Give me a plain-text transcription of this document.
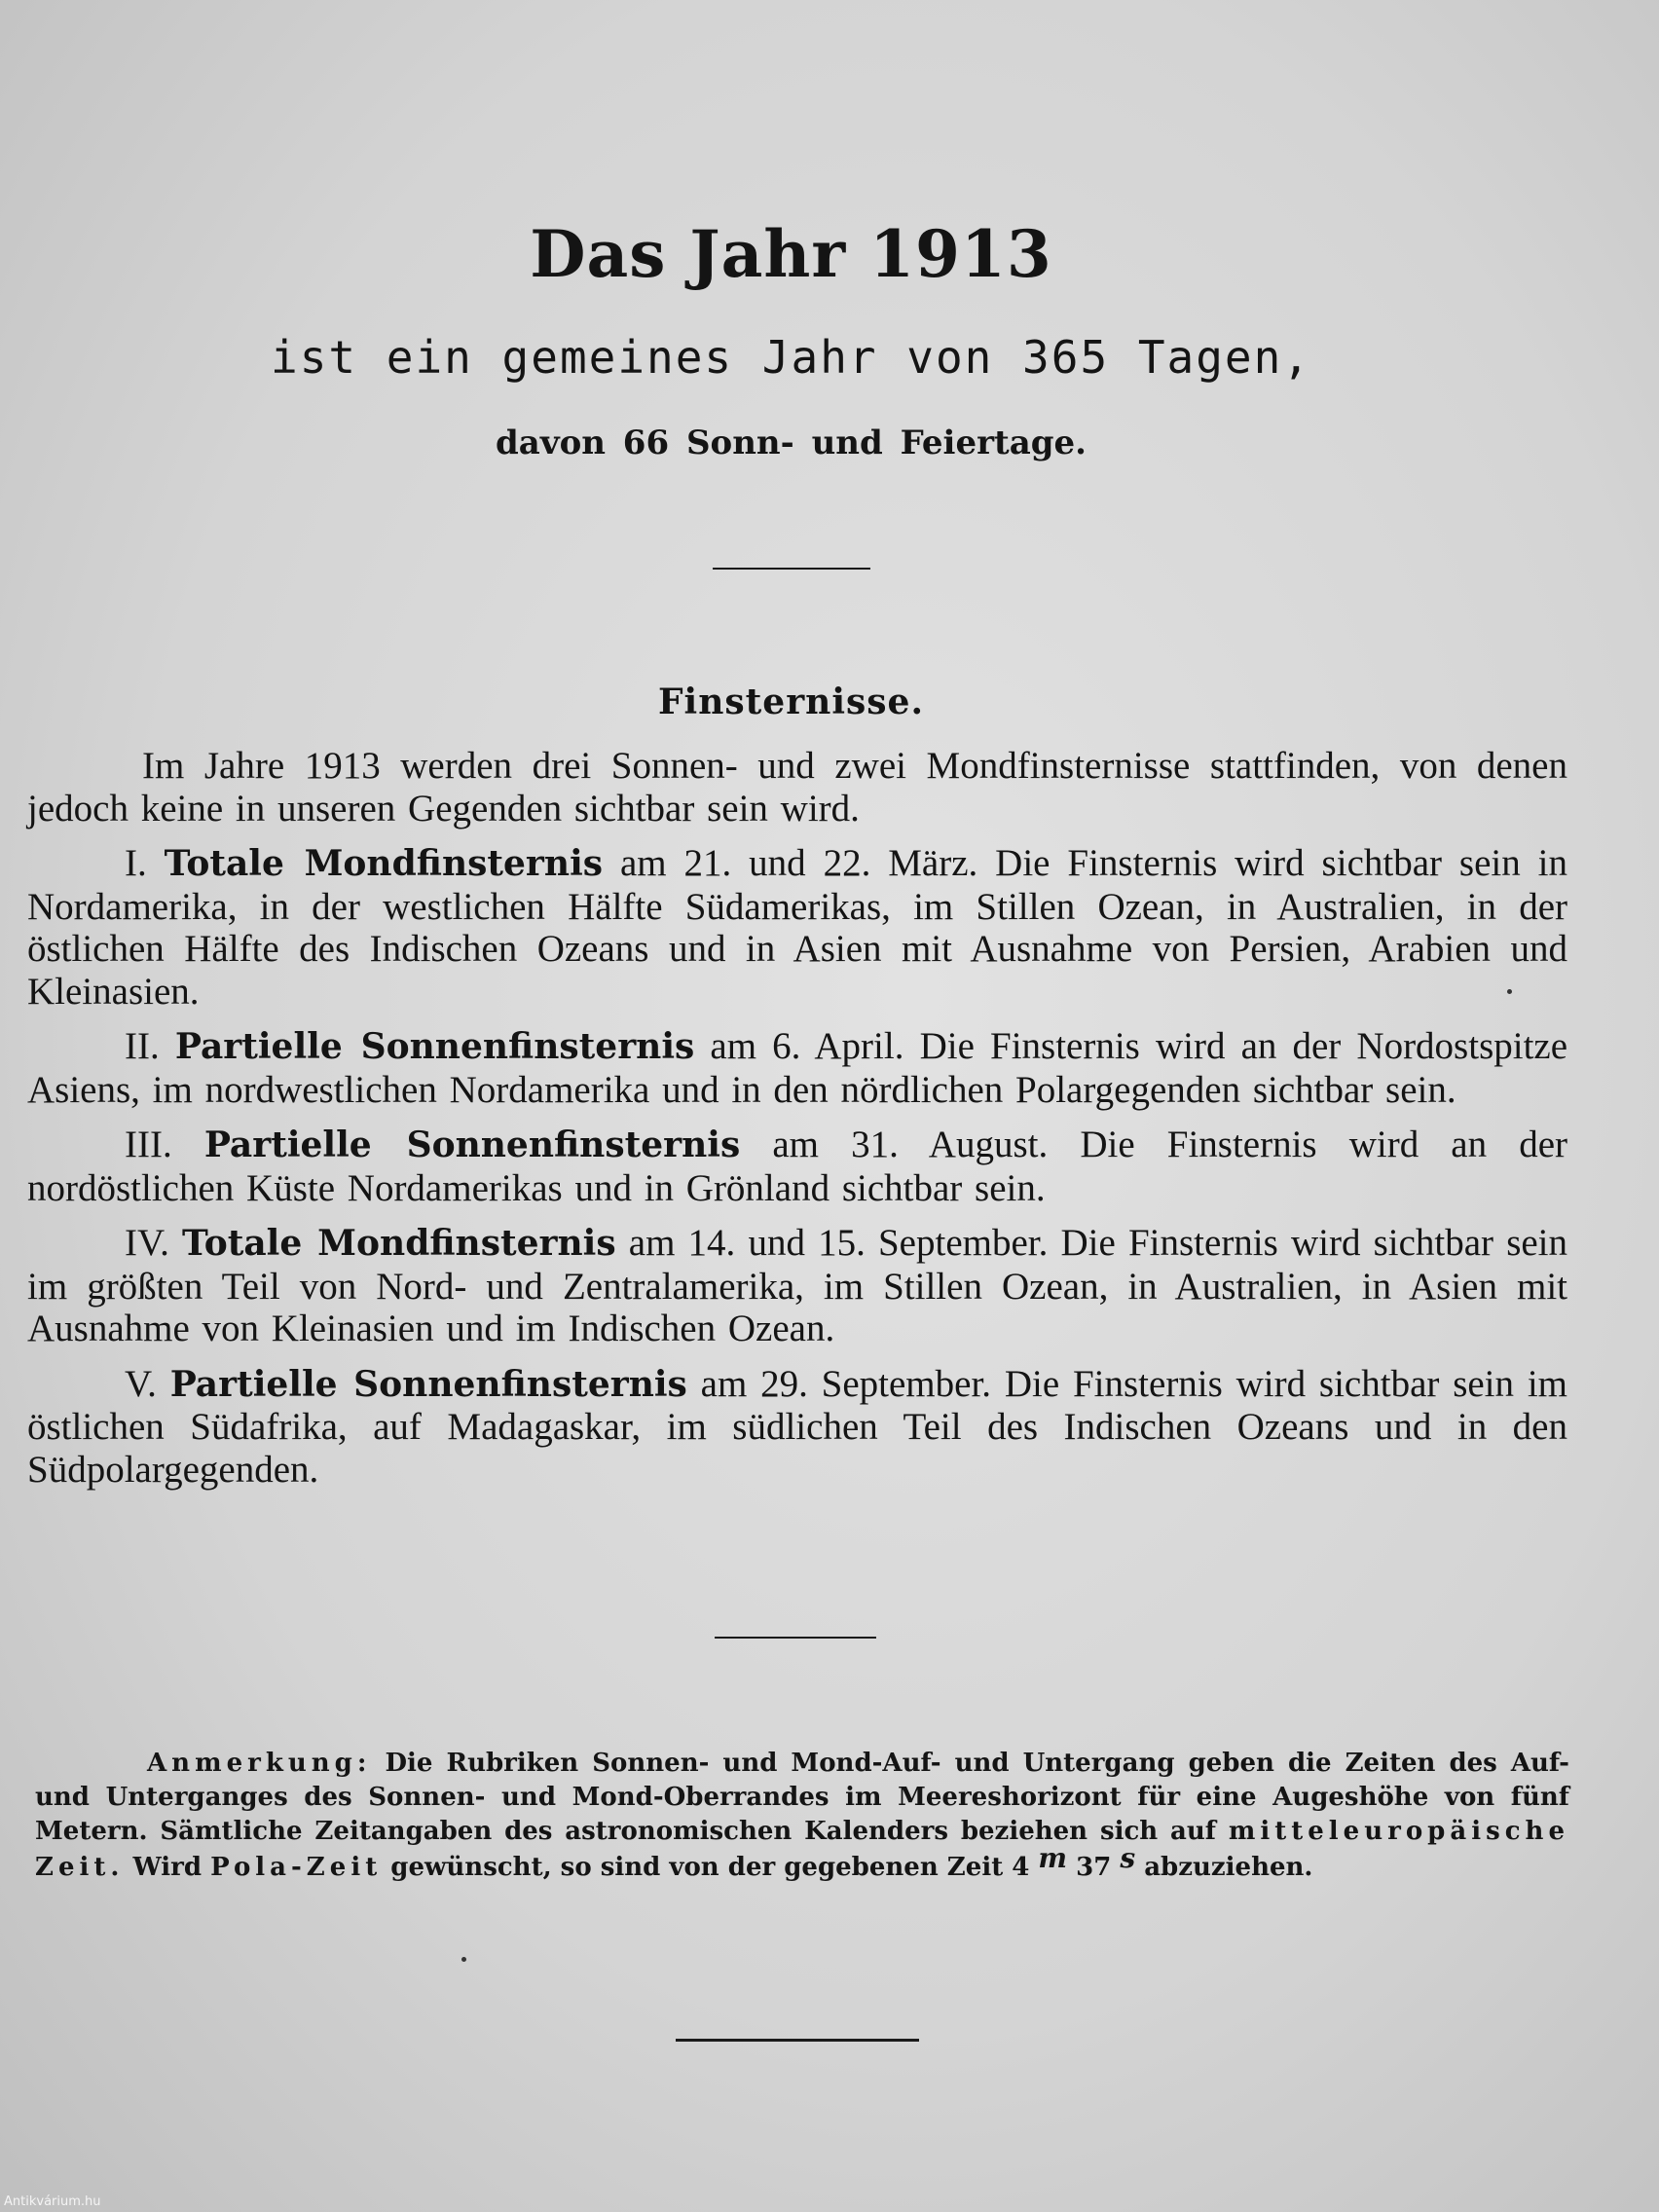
Das Jahr 1913
ist ein gemeines Jahr von 365 Tagen,
davon 66 Sonn- und Feiertage.
Finsternisse.

Im Jahre 1913 werden drei Sonnen- und zwei Mondfinsternisse stattfinden, von denen jedoch keine in unseren Gegenden sichtbar sein wird.

I. Totale Mondfinsternis am 21. und 22. März. Die Finsternis wird sichtbar sein in Nordamerika, in der westlichen Hälfte Südamerikas, im Stillen Ozean, in Australien, in der östlichen Hälfte des Indischen Ozeans und in Asien mit Ausnahme von Persien, Arabien und Kleinasien.

II. Partielle Sonnenfinsternis am 6. April. Die Finsternis wird an der Nordostspitze Asiens, im nordwestlichen Nordamerika und in den nördlichen Polargegenden sichtbar sein.

III. Partielle Sonnenfinsternis am 31. August. Die Finsternis wird an der nordöstlichen Küste Nordamerikas und in Grönland sichtbar sein.

IV. Totale Mondfinsternis am 14. und 15. September. Die Finsternis wird sichtbar sein im größten Teil von Nord- und Zentralamerika, im Stillen Ozean, in Australien, in Asien mit Ausnahme von Kleinasien und im Indischen Ozean.

V. Partielle Sonnenfinsternis am 29. September. Die Finsternis wird sichtbar sein im östlichen Südafrika, auf Madagaskar, im südlichen Teil des Indischen Ozeans und in den Südpolargegenden.

Anmerkung: Die Rubriken Sonnen- und Mond-Auf- und Untergang geben die Zeiten des Auf- und Unterganges des Sonnen- und Mond-Oberrandes im Meereshorizont für eine Augeshöhe von fünf Metern. Sämtliche Zeitangaben des astronomischen Kalenders beziehen sich auf mitteleuropäische Zeit. Wird Pola-Zeit gewünscht, so sind von der gegebenen Zeit 4 m 37 s abzuziehen.
Antikvárium.hu
